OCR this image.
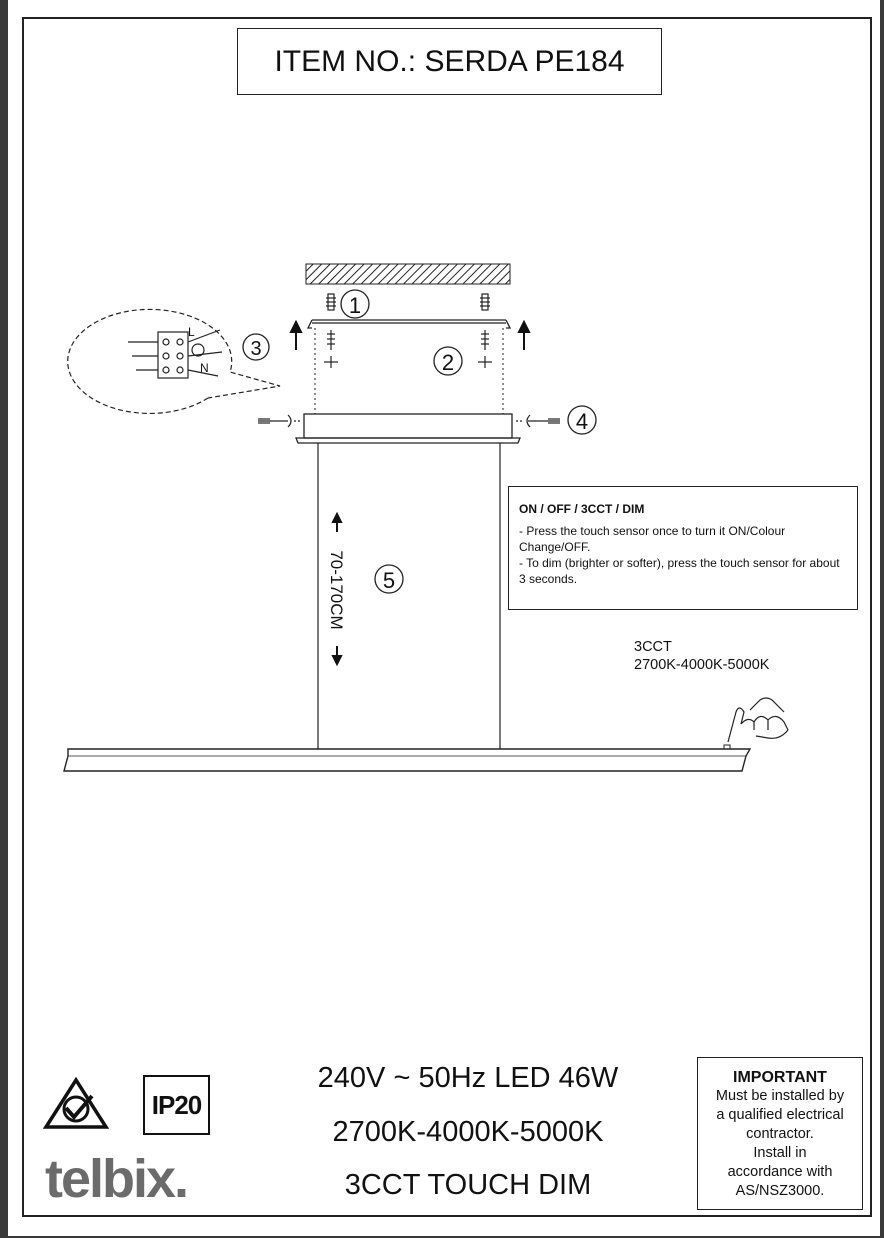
ITEM NO.: SERDA PE184
1
2
L
N
3
4
70-170CM 5
ON / OFF / 3CCT / DIM
- Press the touch sensor once to turn it ON/Colour Change/OFF.
- To dim (brighter or softer), press the touch sensor for about 3 seconds.
3CCT
2700K-4000K-5000K
240V ~ 50Hz LED 46W
2700K-4000K-5000K
3CCT TOUCH DIM
IMPORTANT
Must be installed by
a qualified electrical
contractor.
Install in
accordance with
AS/NSZ3000.
IP20
telbix.
